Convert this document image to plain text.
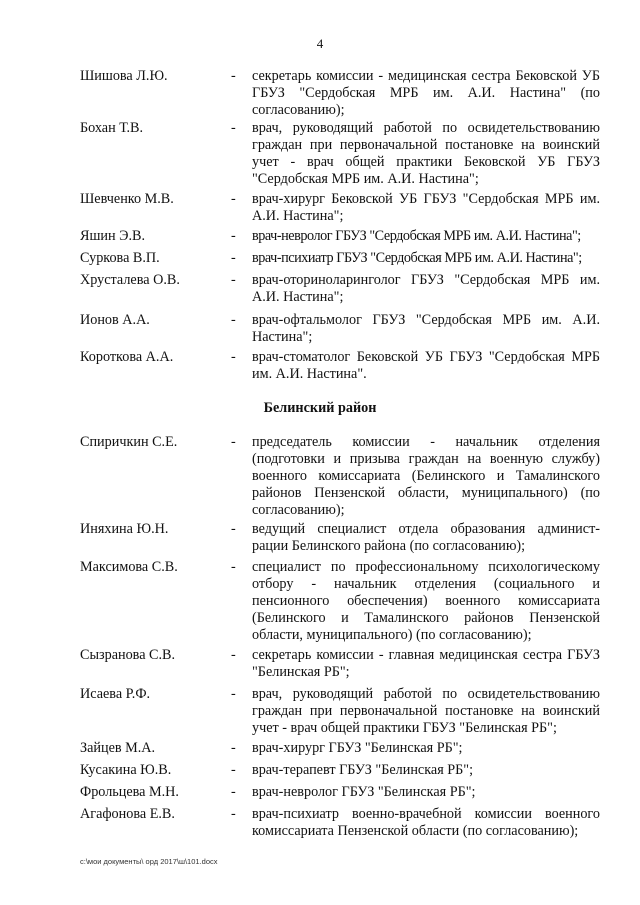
4
Шишова Л.Ю.	- секретарь комиссии - медицинская сестра Бековской УБ ГБУЗ "Сердобская МРБ им. А.И. Настина" (по согласованию);
Бохан Т.В.	- врач, руководящий работой по освидетельствованию граждан при первоначальной постановке на воинский учет - врач общей практики Бековской УБ ГБУЗ "Сердобская МРБ им. А.И. Настина";
Шевченко М.В.	- врач-хирург Бековской УБ ГБУЗ "Сердобская МРБ им. А.И. Настина";
Яшин Э.В.	- врач-невролог ГБУЗ "Сердобская МРБ им. А.И. Настина";
Суркова В.П.	- врач-психиатр ГБУЗ "Сердобская МРБ им. А.И. Настина";
Хрусталева О.В.	- врач-оториноларинголог ГБУЗ "Сердобская МРБ им. А.И. Настина";
Ионов А.А.	- врач-офтальмолог ГБУЗ "Сердобская МРБ им. А.И. Настина";
Короткова А.А.	- врач-стоматолог Бековской УБ ГБУЗ "Сердобская МРБ им. А.И. Настина".
Белинский район
Спиричкин С.Е.	- председатель комиссии - начальник отделения (подготовки и призыва граждан на военную службу) военного комиссариата (Белинского и Тамалинского районов Пензенской области, муниципального) (по согласованию);
Иняхина Ю.Н.	- ведущий специалист отдела образования админист-рации Белинского района (по согласованию);
Максимова С.В.	- специалист по профессиональному психологическому отбору - начальник отделения (социального и пенсионного обеспечения) военного комиссариата (Белинского и Тамалинского районов Пензенской области, муниципального) (по согласованию);
Сызранова С.В.	- секретарь комиссии - главная медицинская сестра ГБУЗ "Белинская РБ";
Исаева Р.Ф.	- врач, руководящий работой по освидетельствованию граждан при первоначальной постановке на воинский учет - врач общей практики ГБУЗ "Белинская РБ";
Зайцев М.А.	- врач-хирург ГБУЗ "Белинская РБ";
Кусакина Ю.В.	- врач-терапевт ГБУЗ "Белинская РБ";
Фрольцева М.Н.	- врач-невролог ГБУЗ "Белинская РБ";
Агафонова Е.В.	- врач-психиатр военно-врачебной комиссии военного комиссариата Пензенской области (по согласованию);
c:\мои документы\ орд 2017\ш\101.docx
